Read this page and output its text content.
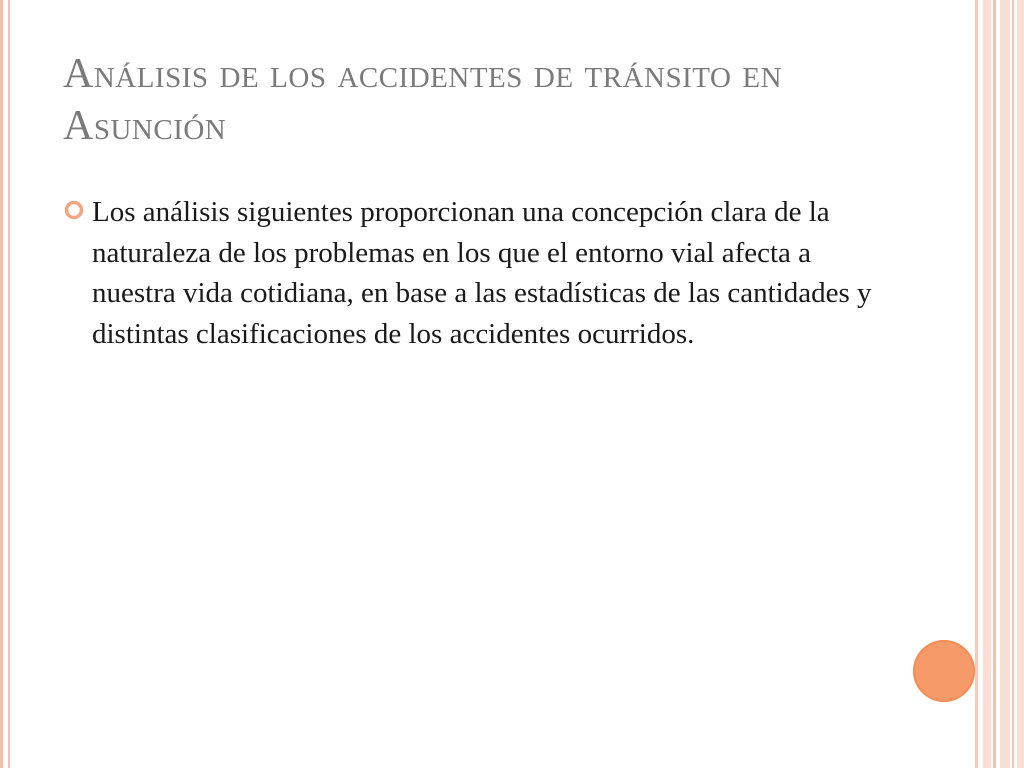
Análisis de los accidentes de tránsito en Asunción
Los análisis siguientes proporcionan una concepción clara de la naturaleza de los problemas en los que el entorno vial afecta a nuestra vida cotidiana, en base a las estadísticas de las cantidades y distintas clasificaciones de los accidentes ocurridos.
